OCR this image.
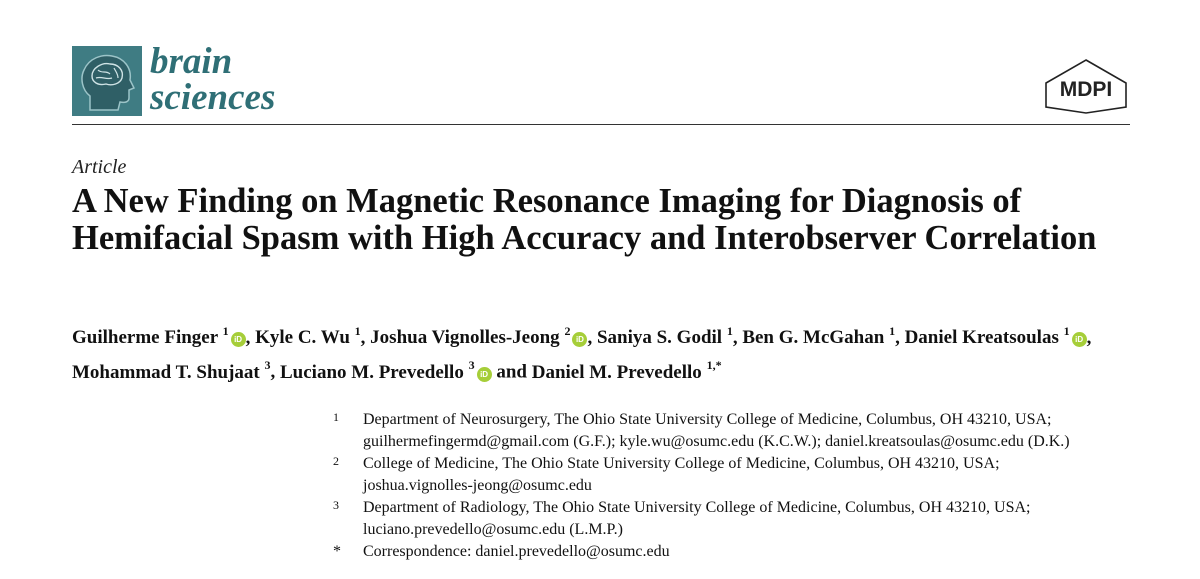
brain
sciences	MDPI
Article
A New Finding on Magnetic Resonance Imaging for Diagnosis of Hemifacial Spasm with High Accuracy and Interobserver Correlation
Guilherme Finger $^1$iD , Kyle C. Wu $^1$, Joshua Vignolles-Jeong $^2$iD , Saniya S. Godil $^1$, Ben G. McGahan $^1$, Daniel Kreatsoulas $^1$iD , Mohammad T. Shujaat $^3$, Luciano M. Prevedello $^3$iD and Daniel M. Prevedello $^{1,*}$
1 Department of Neurosurgery, The Ohio State University College of Medicine, Columbus, OH 43210, USA;
guilhermefingermd@gmail.com (G.F.); kyle.wu@osumc.edu (K.C.W.); daniel.kreatsoulas@osumc.edu (D.K.)
2 College of Medicine, The Ohio State University College of Medicine, Columbus, OH 43210, USA;
joshua.vignolles-jeong@osumc.edu
3 Department of Radiology, The Ohio State University College of Medicine, Columbus, OH 43210, USA;
luciano.prevedello@osumc.edu (L.M.P.)
* Correspondence: daniel.prevedello@osumc.edu
